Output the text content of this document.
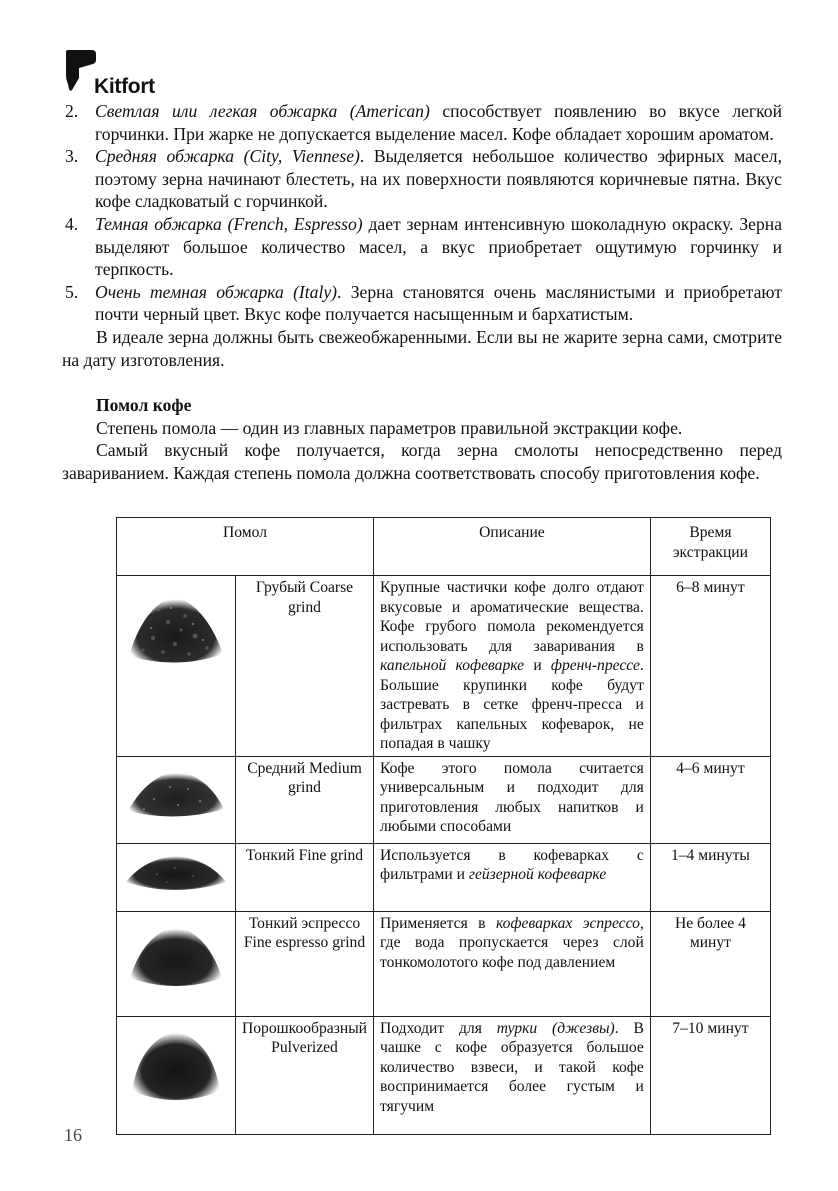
Kitfort
2. Светлая или легкая обжарка (American) способствует появлению во вкусе легкой горчинки. При жарке не допускается выделение масел. Кофе обладает хорошим ароматом.
3. Средняя обжарка (City, Viennese). Выделяется небольшое количество эфирных масел, поэтому зерна начинают блестеть, на их поверхности появляются коричневые пятна. Вкус кофе сладковатый с горчинкой.
4. Темная обжарка (French, Espresso) дает зернам интенсивную шоколадную окраску. Зерна выделяют большое количество масел, а вкус приобретает ощутимую горчинку и терпкость.
5. Очень темная обжарка (Italy). Зерна становятся очень маслянистыми и приобретают почти черный цвет. Вкус кофе получается насыщенным и бархатистым.

В идеале зерна должны быть свежеобжаренными. Если вы не жарите зерна сами, смотрите на дату изготовления.

Помол кофе

Степень помола — один из главных параметров правильной экстракции кофе.

Самый вкусный кофе получается, когда зерна смолоты непосредственно перед завариванием. Каждая степень помола должна соответствовать способу приготовления кофе.

Помол		Описание	Время экстракции
	Грубый Coarse grind	Крупные частички кофе долго отдают вкусовые и ароматические вещества. Кофе грубого помола рекомендуется использовать для заваривания в капельной кофеварке и френч-прессе. Большие крупинки кофе будут застревать в сетке френч-пресса и фильтрах капельных кофеварок, не попадая в чашку	6–8 минут
	Средний Medium grind	Кофе этого помола считается универсальным и подходит для приготовления любых напитков и любыми способами	4–6 минут
	Тонкий Fine grind	Используется в кофеварках с фильтрами и гейзерной кофеварке	1–4 минуты
	Тонкий эспрессо Fine espresso grind	Применяется в кофеварках эспрессо, где вода пропускается через слой тонкомолотого кофе под давлением	Не более 4 минут
	Порошкообразный Pulverized	Подходит для турки (джезвы). В чашке с кофе образуется большое количество взвеси, и такой кофе воспринимается более густым и тягучим	7–10 минут
16
